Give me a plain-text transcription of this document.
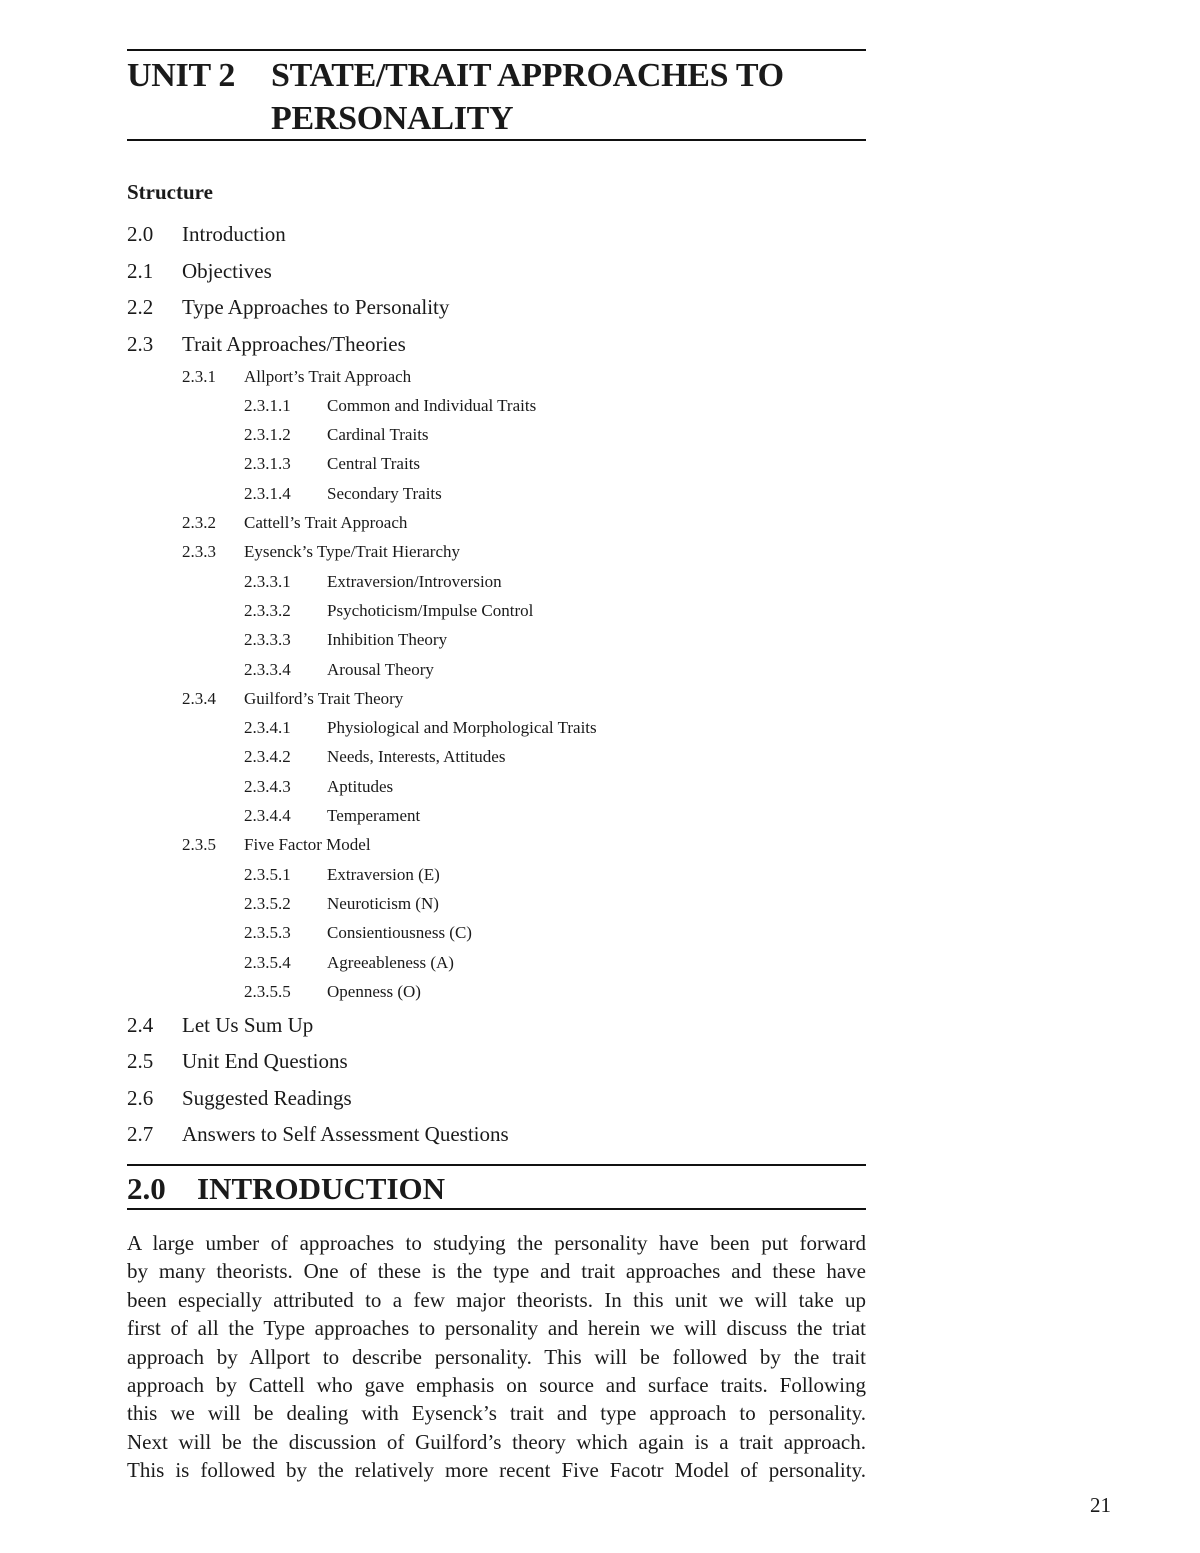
UNIT 2 STATE/TRAIT APPROACHES TO PERSONALITY
Structure
2.0 Introduction
2.1 Objectives
2.2 Type Approaches to Personality
2.3 Trait Approaches/Theories
2.3.1 Allport’s Trait Approach
2.3.1.1 Common and Individual Traits
2.3.1.2 Cardinal Traits
2.3.1.3 Central Traits
2.3.1.4 Secondary Traits
2.3.2 Cattell’s Trait Approach
2.3.3 Eysenck’s Type/Trait Hierarchy
2.3.3.1 Extraversion/Introversion
2.3.3.2 Psychoticism/Impulse Control
2.3.3.3 Inhibition Theory
2.3.3.4 Arousal Theory
2.3.4 Guilford’s Trait Theory
2.3.4.1 Physiological and Morphological Traits
2.3.4.2 Needs, Interests, Attitudes
2.3.4.3 Aptitudes
2.3.4.4 Temperament
2.3.5 Five Factor Model
2.3.5.1 Extraversion (E)
2.3.5.2 Neuroticism (N)
2.3.5.3 Consientiousness (C)
2.3.5.4 Agreeableness (A)
2.3.5.5 Openness (O)
2.4 Let Us Sum Up
2.5 Unit End Questions
2.6 Suggested Readings
2.7 Answers to Self Assessment Questions
2.0 INTRODUCTION
A large umber of approaches to studying the personality have been put forward
by many theorists. One of these is the type and trait approaches and these have
been especially attributed to a few major theorists. In this unit we will take up
first of all the Type approaches to personality and herein we will discuss the triat
approach by Allport to describe personality. This will be followed by the trait
approach by Cattell who gave emphasis on source and surface traits. Following
this we will be dealing with Eysenck’s trait and type approach to personality.
Next will be the discussion of Guilford’s theory which again is a trait approach.
This is followed by the relatively more recent Five Facotr Model of personality.
21
